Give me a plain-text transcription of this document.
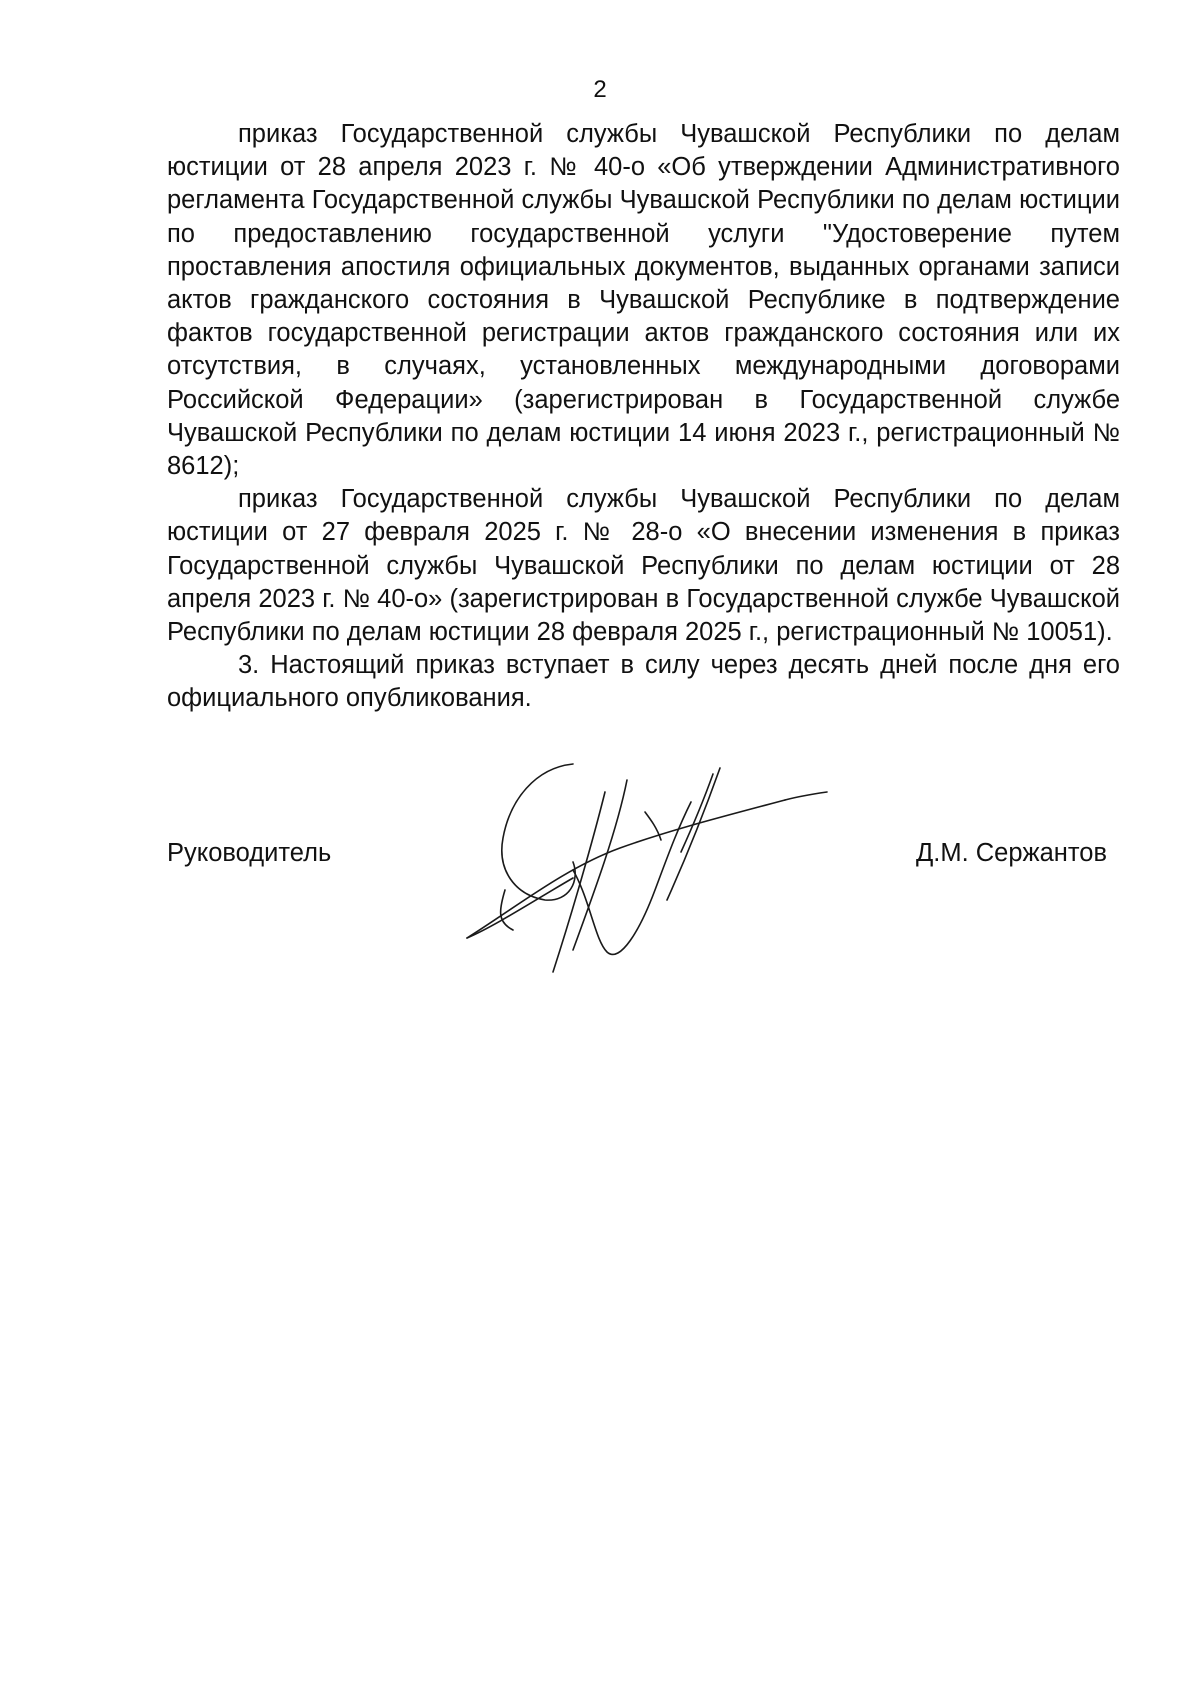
2

приказ Государственной службы Чувашской Республики по делам юстиции от 28 апреля 2023 г. № 40-о «Об утверждении Административного регламента Государственной службы Чувашской Республики по делам юстиции по предоставлению государственной услуги "Удостоверение путем проставления апостиля официальных документов, выданных органами записи актов гражданского состояния в Чувашской Республике в подтверждение фактов государственной регистрации актов гражданского состояния или их отсутствия, в случаях, установленных международными договорами Российской Федерации» (зарегистрирован в Государственной службе Чувашской Республики по делам юстиции 14 июня 2023 г., регистрационный № 8612);

приказ Государственной службы Чувашской Республики по делам юстиции от 27 февраля 2025 г. № 28-о «О внесении изменения в приказ Государственной службы Чувашской Республики по делам юстиции от 28 апреля 2023 г. № 40-о» (зарегистрирован в Государственной службе Чувашской Республики по делам юстиции 28 февраля 2025 г., регистрационный № 10051).

3. Настоящий приказ вступает в силу через десять дней после дня его официального опубликования.

Руководитель	Д.М. Сержантов
